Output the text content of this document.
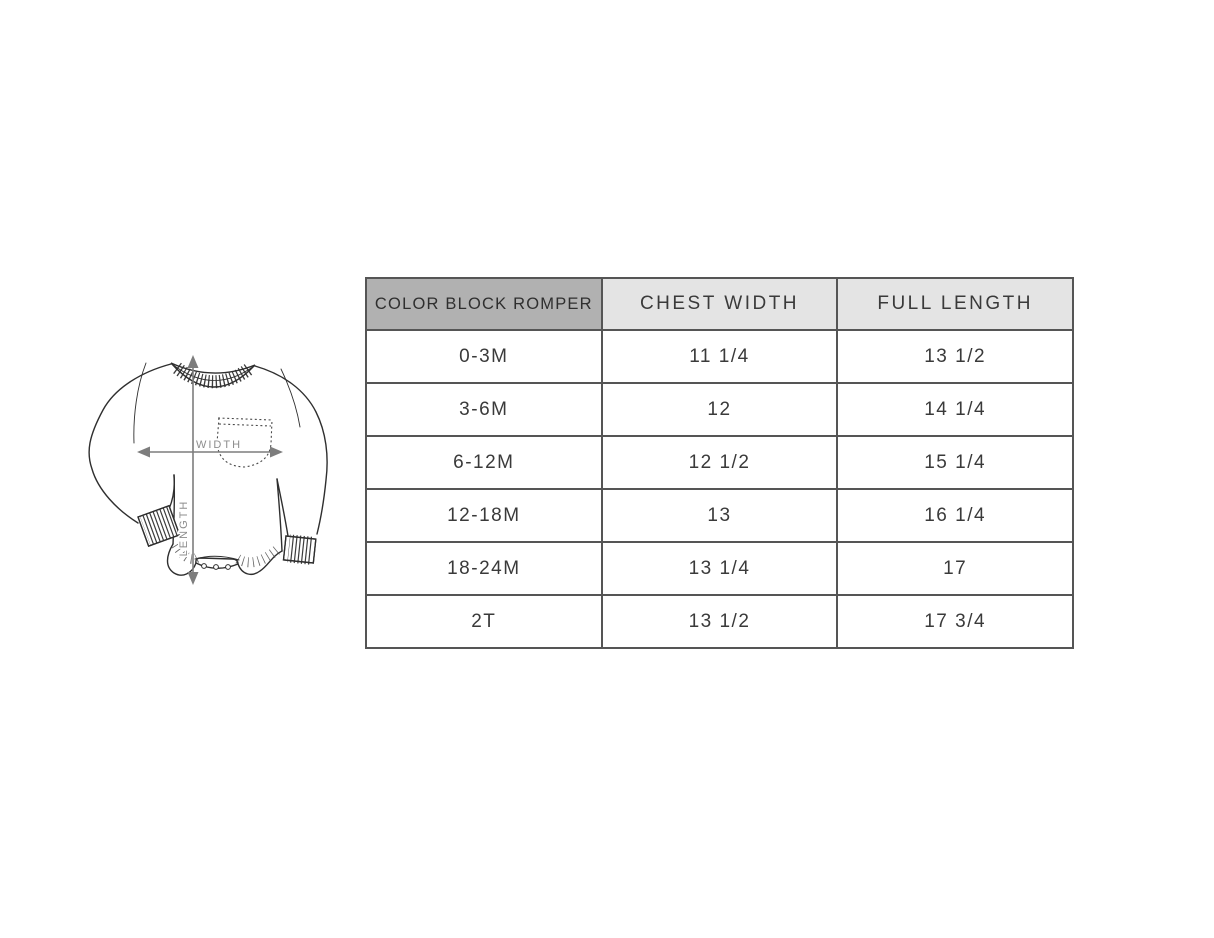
WIDTH
LENGTH
COLOR BLOCK ROMPER	CHEST WIDTH	FULL LENGTH
0-3M	11 1/4	13 1/2
3-6M	12	14 1/4
6-12M	12 1/2	15 1/4
12-18M	13	16 1/4
18-24M	13 1/4	17
2T	13 1/2	17 3/4
